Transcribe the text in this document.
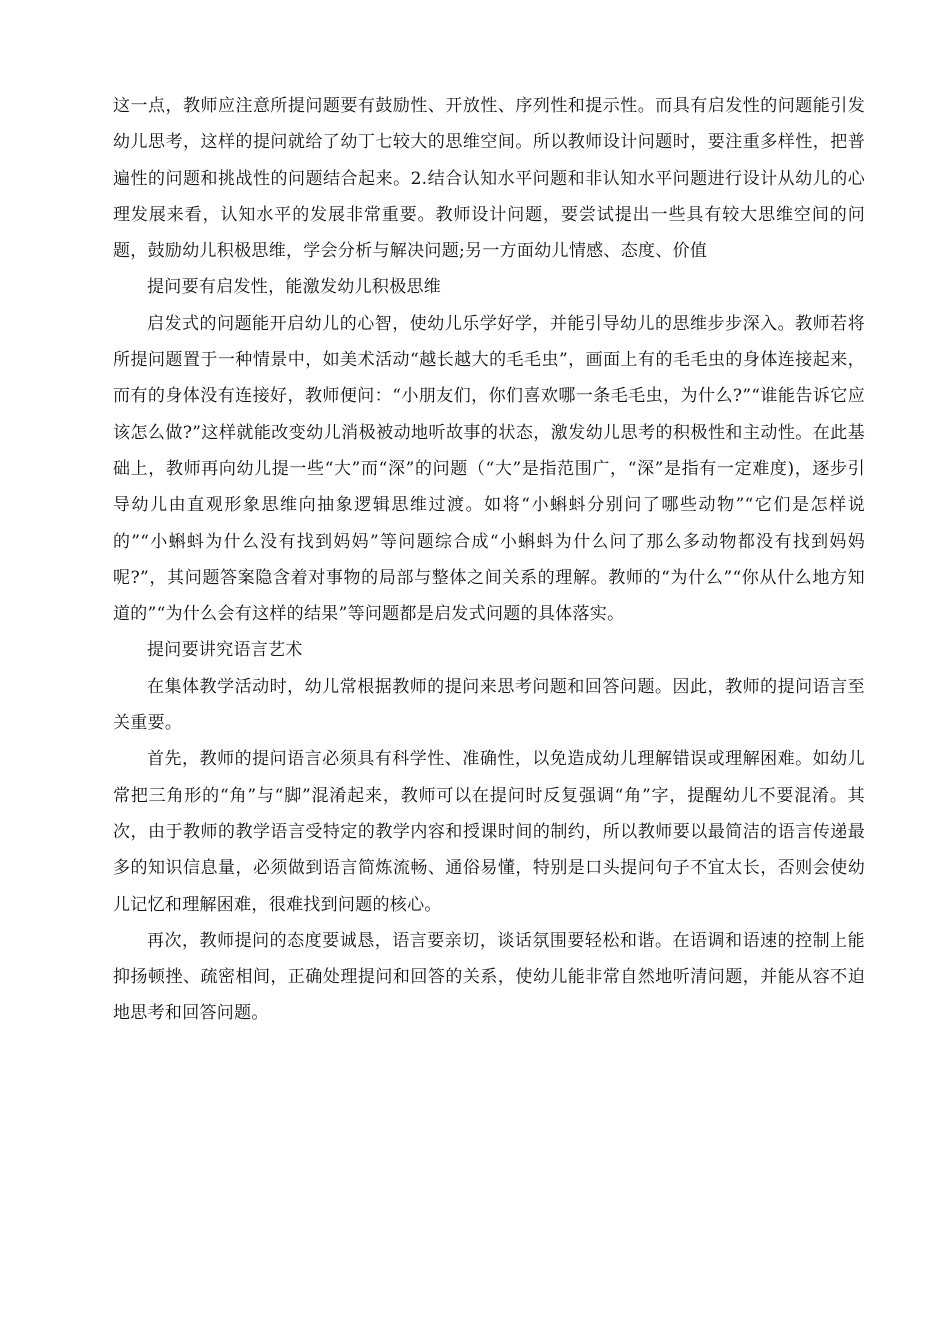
这一点，教师应注意所提问题要有鼓励性、开放性、序列性和提示性。而具有启发性的问题能引发幼儿思考，这样的提问就给了幼丁七较大的思维空间。所以教师设计问题时，要注重多样性，把普遍性的问题和挑战性的问题结合起来。2.结合认知水平问题和非认知水平问题进行设计从幼儿的心理发展来看，认知水平的发展非常重要。教师设计问题，要尝试提出一些具有较大思维空间的问题，鼓励幼儿积极思维，学会分析与解决问题;另一方面幼儿情感、态度、价值

提问要有启发性，能激发幼儿积极思维

启发式的问题能开启幼儿的心智，使幼儿乐学好学，并能引导幼儿的思维步步深入。教师若将所提问题置于一种情景中，如美术活动“越长越大的毛毛虫”，画面上有的毛毛虫的身体连接起来，而有的身体没有连接好，教师便问：“小朋友们，你们喜欢哪一条毛毛虫，为什么?”“谁能告诉它应该怎么做?”这样就能改变幼儿消极被动地听故事的状态，激发幼儿思考的积极性和主动性。在此基础上，教师再向幼儿提一些“大”而“深”的问题（“大”是指范围广，“深”是指有一定难度)，逐步引导幼儿由直观形象思维向抽象逻辑思维过渡。如将“小蝌蚪分别问了哪些动物”“它们是怎样说的”“小蝌蚪为什么没有找到妈妈”等问题综合成“小蝌蚪为什么问了那么多动物都没有找到妈妈呢?”，其问题答案隐含着对事物的局部与整体之间关系的理解。教师的“为什么”“你从什么地方知道的”“为什么会有这样的结果”等问题都是启发式问题的具体落实。

提问要讲究语言艺术

在集体教学活动时，幼儿常根据教师的提问来思考问题和回答问题。因此，教师的提问语言至关重要。

首先，教师的提问语言必须具有科学性、准确性，以免造成幼儿理解错误或理解困难。如幼儿常把三角形的“角”与“脚”混淆起来，教师可以在提问时反复强调“角”字，提醒幼儿不要混淆。其次，由于教师的教学语言受特定的教学内容和授课时间的制约，所以教师要以最简洁的语言传递最多的知识信息量，必须做到语言简炼流畅、通俗易懂，特别是口头提问句子不宜太长，否则会使幼儿记忆和理解困难，很难找到问题的核心。

再次，教师提问的态度要诚恳，语言要亲切，谈话氛围要轻松和谐。在语调和语速的控制上能抑扬顿挫、疏密相间，正确处理提问和回答的关系，使幼儿能非常自然地听清问题，并能从容不迫地思考和回答问题。
